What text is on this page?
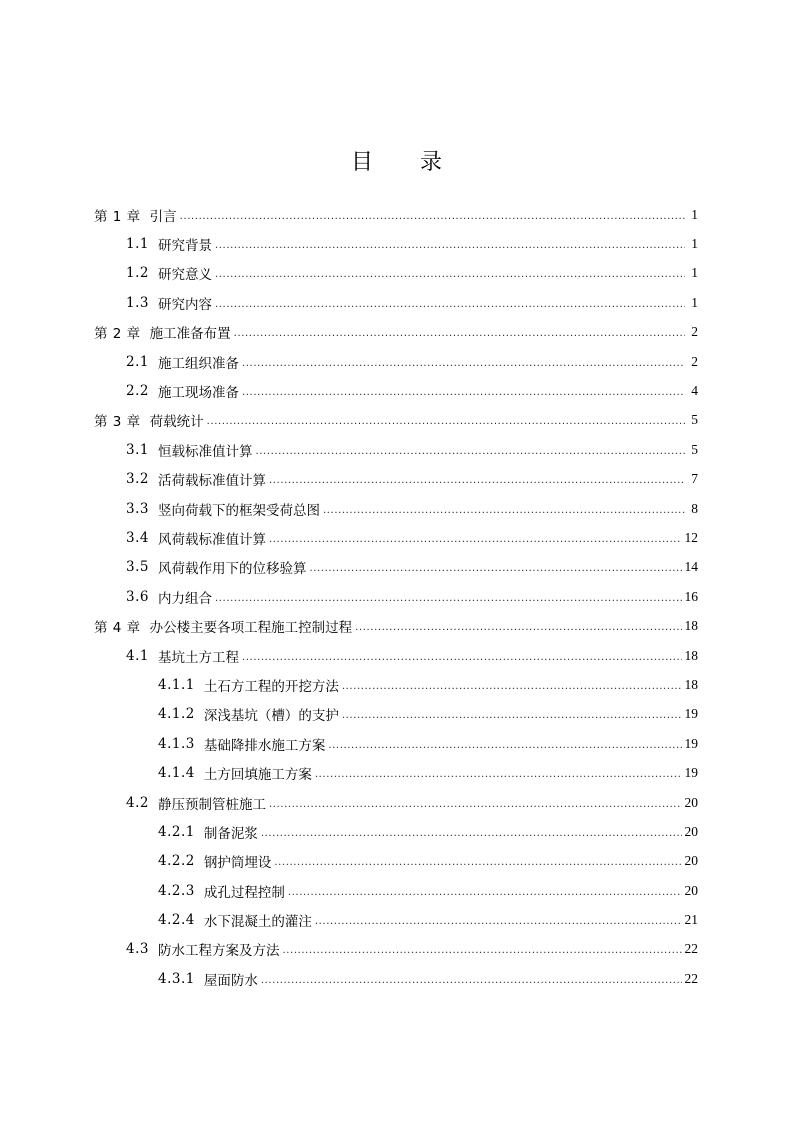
目 录
第 1 章 引言 .....	1
1.1 研究背景 .....	1
1.2 研究意义 .....	1
1.3 研究内容 .....	1
第 2 章 施工准备布置 .....	2
2.1 施工组织准备 .....	2
2.2 施工现场准备 .....	4
第 3 章 荷载统计 .....	5
3.1 恒载标准值计算 .....	5
3.2 活荷载标准值计算 .....	7
3.3 竖向荷载下的框架受荷总图 .....	8
3.4 风荷载标准值计算 .....	12
3.5 风荷载作用下的位移验算 .....	14
3.6 内力组合 .....	16
第 4 章 办公楼主要各项工程施工控制过程 .....	18
4.1 基坑土方工程 .....	18
4.1.1 土石方工程的开挖方法 .....	18
4.1.2 深浅基坑（槽）的支护 .....	19
4.1.3 基础降排水施工方案 .....	19
4.1.4 土方回填施工方案 .....	19
4.2 静压预制管桩施工 .....	20
4.2.1 制备泥浆 .....	20
4.2.2 钢护筒埋设 .....	20
4.2.3 成孔过程控制 .....	20
4.2.4 水下混凝土的灌注 .....	21
4.3 防水工程方案及方法 .....	22
4.3.1 屋面防水 .....	22
